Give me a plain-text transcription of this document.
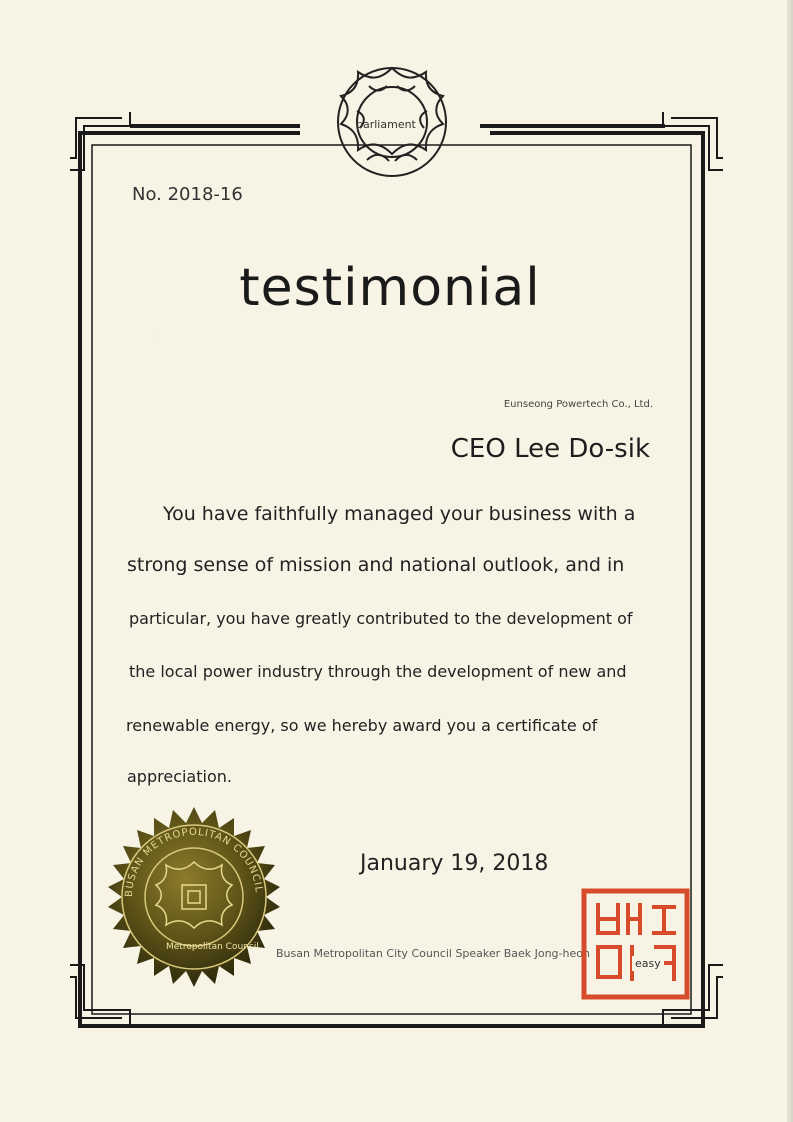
parliament
No. 2018-16
testimonial
Eunseong Powertech Co., Ltd.
CEO Lee Do-sik
You have faithfully managed your business with a
strong sense of mission and national outlook, and in
particular, you have greatly contributed to the development of
the local power industry through the development of new and
renewable energy, so we hereby award you a certificate of
appreciation.
January 19, 2018
BUSAN METROPOLITAN COUNCIL
Metropolitan Council Busan Metropolitan City Council Speaker Baek Jong-heon
easy
